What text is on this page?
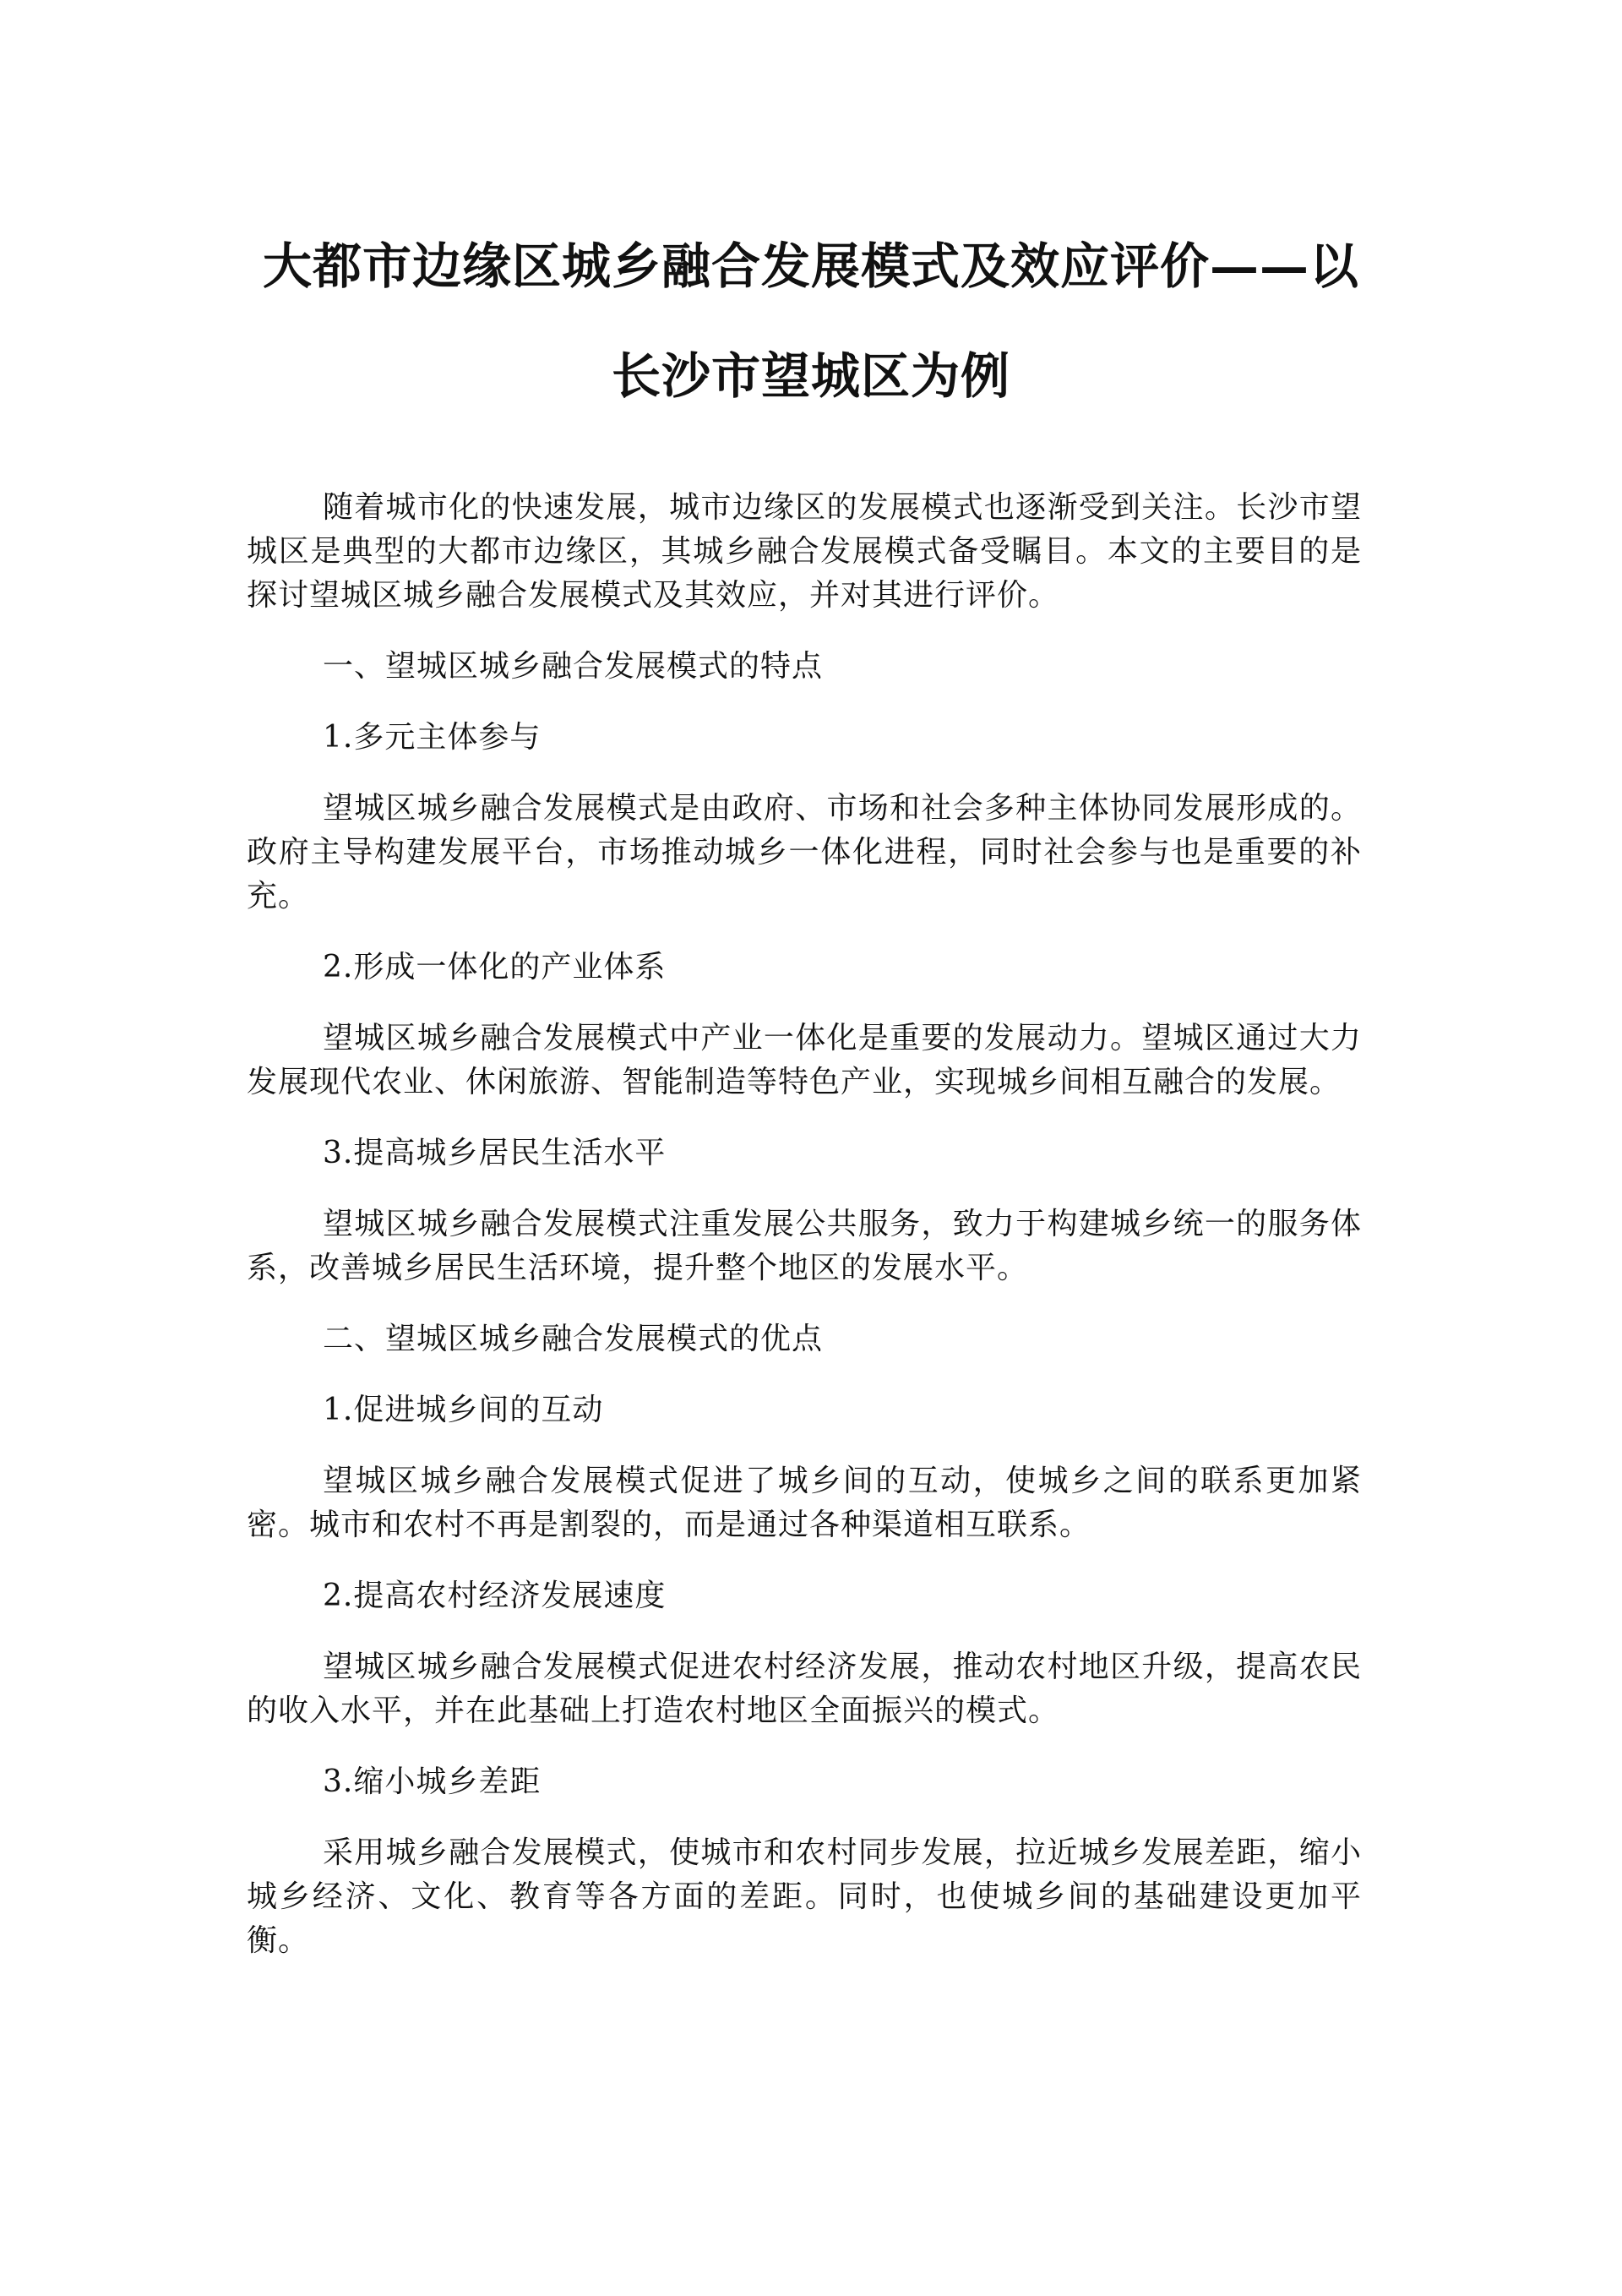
大都市边缘区城乡融合发展模式及效应评价——以
长沙市望城区为例

随着城市化的快速发展，城市边缘区的发展模式也逐渐受到关注。长沙市望城区是典型的大都市边缘区，其城乡融合发展模式备受瞩目。本文的主要目的是探讨望城区城乡融合发展模式及其效应，并对其进行评价。

一、望城区城乡融合发展模式的特点

1.多元主体参与

望城区城乡融合发展模式是由政府、市场和社会多种主体协同发展形成的。政府主导构建发展平台，市场推动城乡一体化进程，同时社会参与也是重要的补充。

2.形成一体化的产业体系

望城区城乡融合发展模式中产业一体化是重要的发展动力。望城区通过大力发展现代农业、休闲旅游、智能制造等特色产业，实现城乡间相互融合的发展。

3.提高城乡居民生活水平

望城区城乡融合发展模式注重发展公共服务，致力于构建城乡统一的服务体系，改善城乡居民生活环境，提升整个地区的发展水平。

二、望城区城乡融合发展模式的优点

1.促进城乡间的互动

望城区城乡融合发展模式促进了城乡间的互动，使城乡之间的联系更加紧密。城市和农村不再是割裂的，而是通过各种渠道相互联系。

2.提高农村经济发展速度

望城区城乡融合发展模式促进农村经济发展，推动农村地区升级，提高农民的收入水平，并在此基础上打造农村地区全面振兴的模式。

3.缩小城乡差距

采用城乡融合发展模式，使城市和农村同步发展，拉近城乡发展差距，缩小城乡经济、文化、教育等各方面的差距。同时，也使城乡间的基础建设更加平衡。
